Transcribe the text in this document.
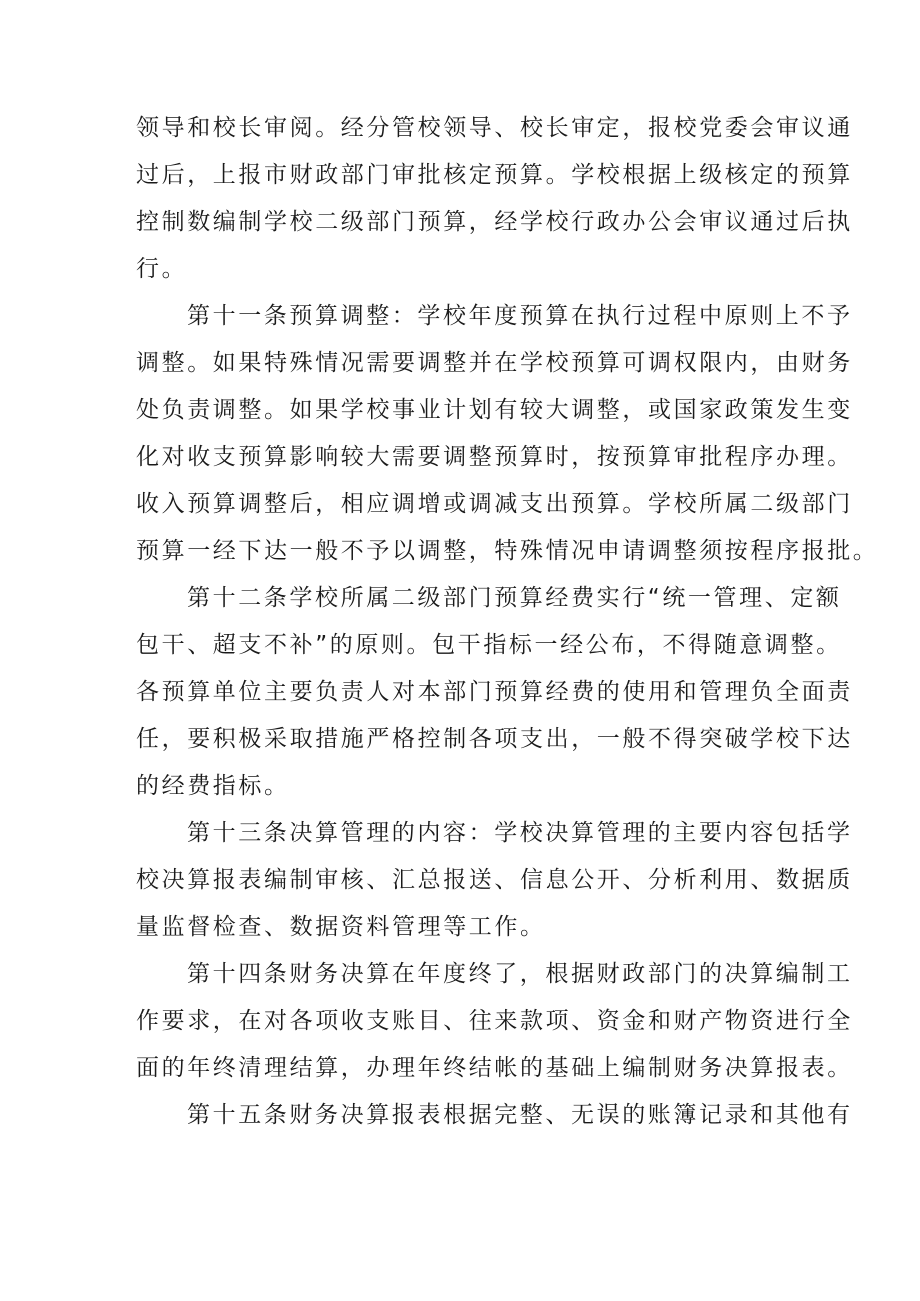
领导和校长审阅。经分管校领导、校长审定，报校党委会审议通
过后，上报市财政部门审批核定预算。学校根据上级核定的预算
控制数编制学校二级部门预算，经学校行政办公会审议通过后执
行。
第十一条预算调整：学校年度预算在执行过程中原则上不予
调整。如果特殊情况需要调整并在学校预算可调权限内，由财务
处负责调整。如果学校事业计划有较大调整，或国家政策发生变
化对收支预算影响较大需要调整预算时，按预算审批程序办理。
收入预算调整后，相应调增或调减支出预算。学校所属二级部门
预算一经下达一般不予以调整，特殊情况申请调整须按程序报批。
第十二条学校所属二级部门预算经费实行“统一管理、定额
包干、超支不补”的原则。包干指标一经公布，不得随意调整。
各预算单位主要负责人对本部门预算经费的使用和管理负全面责
任，要积极采取措施严格控制各项支出，一般不得突破学校下达
的经费指标。
第十三条决算管理的内容：学校决算管理的主要内容包括学
校决算报表编制审核、汇总报送、信息公开、分析利用、数据质
量监督检查、数据资料管理等工作。
第十四条财务决算在年度终了，根据财政部门的决算编制工
作要求，在对各项收支账目、往来款项、资金和财产物资进行全
面的年终清理结算，办理年终结帐的基础上编制财务决算报表。
第十五条财务决算报表根据完整、无误的账簿记录和其他有
